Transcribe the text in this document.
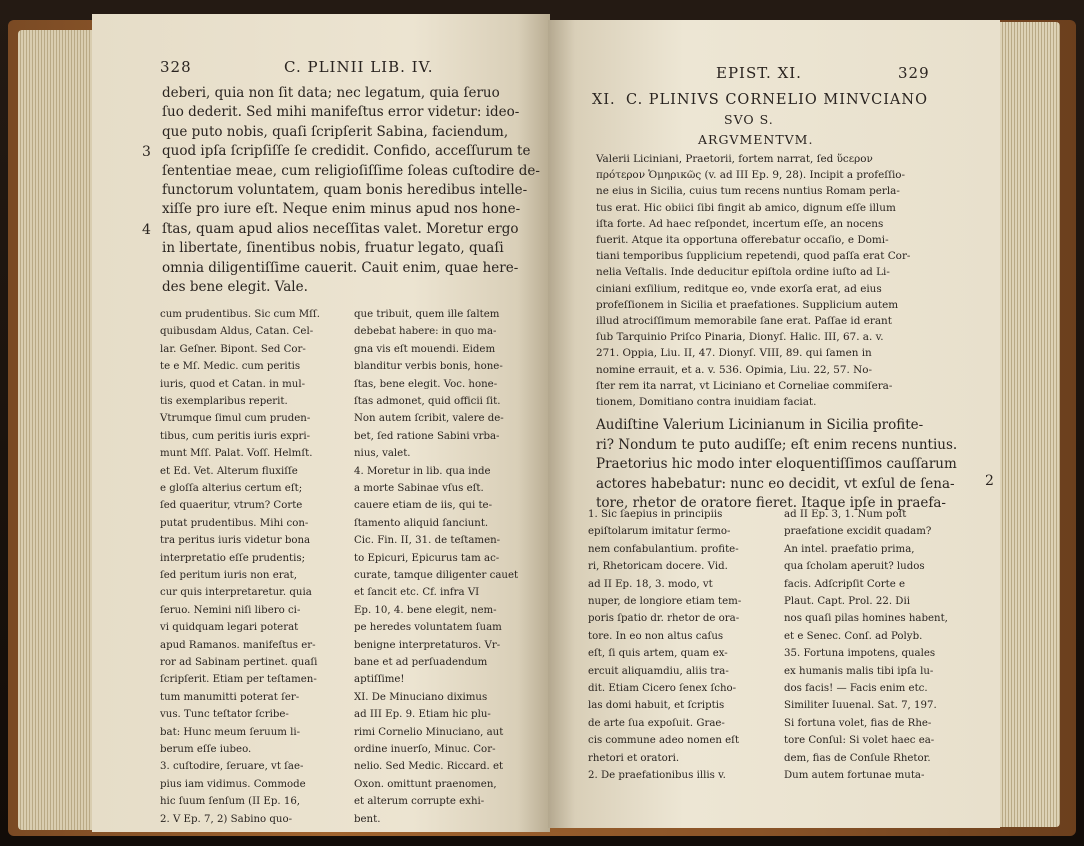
328	C. PLINII LIB. IV.
3
4
deberi, quia non ſit data; nec legatum, quia ſeruo
ſuo dederit. Sed mihi manifeſtus error videtur: ideo-
que puto nobis, quaſi ſcripſerit Sabina, faciendum,
quod ipſa ſcripſiſſe ſe credidit. Confido, acceſſurum te
ſententiae meae, cum religioſiſſime ſoleas cuſtodire de-
functorum voluntatem, quam bonis heredibus intelle-
xiſſe pro iure eſt. Neque enim minus apud nos hone-
ſtas, quam apud alios neceſſitas valet. Moretur ergo
in libertate, ſinentibus nobis, fruatur legato, quaſi
omnia diligentiſſime cauerit. Cauit enim, quae here-
des bene elegit. Vale.
cum prudentibus. Sic cum Mſſ.
quibusdam Aldus, Catan. Cel-
lar. Geſner. Bipont. Sed Cor-
te e Mſ. Medic. cum peritis
iuris, quod et Catan. in mul-
tis exemplaribus reperit.
Vtrumque ſimul cum pruden-
tibus, cum peritis iuris expri-
munt Mſſ. Palat. Voſſ. Helmſt.
et Ed. Vet. Alterum fluxiſſe
e gloſſa alterius certum eſt;
ſed quaeritur, vtrum? Corte
putat prudentibus. Mihi con-
tra peritus iuris videtur bona
interpretatio eſſe prudentis;
ſed peritum iuris non erat,
cur quis interpretaretur. quia
ſeruo. Nemini niſi libero ci-
vi quidquam legari poterat
apud Ramanos. manifeſtus er-
ror ad Sabinam pertinet. quaſi
ſcripſerit. Etiam per teſtamen-
tum manumitti poterat ſer-
vus. Tunc teſtator ſcribe-
bat: Hunc meum ſeruum li-
berum eſſe iubeo.
3. cuſtodire, ſeruare, vt ſae-
pius iam vidimus. Commode
hic ſuum ſenſum (II Ep. 16,
2. V Ep. 7, 2) Sabino quo-
que tribuit, quem ille ſaltem
debebat habere: in quo ma-
gna vis eſt mouendi. Eidem
blanditur verbis bonis, hone-
ſtas, bene elegit. Voc. hone-
ſtas admonet, quid officii ſit.
Non autem ſcribit, valere de-
bet, ſed ratione Sabini vrba-
nius, valet.
4. Moretur in lib. qua inde
a morte Sabinae vſus eſt.
cauere etiam de iis, qui te-
ſtamento aliquid ſanciunt.
Cic. Fin. II, 31. de teſtamen-
to Epicuri, Epicurus tam ac-
curate, tamque diligenter cauet
et ſancit etc. Cf. infra VI
Ep. 10, 4. bene elegit, nem-
pe heredes voluntatem ſuam
benigne interpretaturos. Vr-
bane et ad perſuadendum
aptiſſime!
XI. De Minuciano diximus
ad III Ep. 9. Etiam hic plu-
rimi Cornelio Minuciano, aut
ordine inuerſo, Minuc. Cor-
nelio. Sed Medic. Riccard. et
Oxon. omittunt praenomen,
et alterum corrupte exhi-
bent.
EPIST. XI.	329
XI. C. PLINIVS CORNELIO MINVCIANO
SVO S.
ARGVMENTVM.
Valerii Liciniani, Praetorii, fortem narrat, ſed ὕϲερον
πρότερον Ὁμηρικῶς (v. ad III Ep. 9, 28). Incipit a profeſſio-
ne eius in Sicilia, cuius tum recens nuntius Romam perla-
tus erat. Hic obiici ſibi fingit ab amico, dignum eſſe illum
iſta forte. Ad haec reſpondet, incertum eſſe, an nocens
fuerit. Atque ita opportuna offerebatur occaſio, e Domi-
tiani temporibus ſupplicium repetendi, quod paſſa erat Cor-
nelia Veſtalis. Inde deducitur epiſtola ordine iuſto ad Li-
ciniani exſilium, reditque eo, vnde exorſa erat, ad eius
profeſſionem in Sicilia et praefationes. Supplicium autem
illud atrociſſimum memorabile ſane erat. Paſſae id erant
ſub Tarquinio Priſco Pinaria, Dionyſ. Halic. III, 67. a. v.
271. Oppia, Liu. II, 47. Dionyſ. VIII, 89. qui ſamen in
nomine errauit, et a. v. 536. Opimia, Liu. 22, 57. No-
ſter rem ita narrat, vt Liciniano et Corneliae commiſera-
tionem, Domitiano contra inuidiam faciat.
Audiſtine Valerium Licinianum in Sicilia profite-
ri? Nondum te puto audiſſe; eſt enim recens nuntius.
Praetorius hic modo inter eloquentiſſimos cauſſarum
actores habebatur: nunc eo decidit, vt exſul de ſena-
tore, rhetor de oratore fieret. Itaque ipſe in praefa-
2
1. Sic ſaepius in principiis
epiſtolarum imitatur ſermo-
nem confabulantium. profite-
ri, Rhetoricam docere. Vid.
ad II Ep. 18, 3. modo, vt
nuper, de longiore etiam tem-
poris ſpatio dr. rhetor de ora-
tore. In eo non altus caſus
eſt, ſi quis artem, quam ex-
ercuit aliquamdiu, aliis tra-
dit. Etiam Cicero ſenex ſcho-
las domi habuit, et ſcriptis
de arte ſua expoſuit. Grae-
cis commune adeo nomen eſt
rhetori et oratori.
2. De praefationibus illis v.
ad II Ep. 3, 1. Num poſt
praefatione excidit quadam?
An intel. praefatio prima,
qua ſcholam aperuit? ludos
facis. Adſcripſit Corte e
Plaut. Capt. Prol. 22. Dii
nos quaſi pilas homines habent,
et e Senec. Conſ. ad Polyb.
35. Fortuna impotens, quales
ex humanis malis tibi ipſa lu-
dos facis! — Facis enim etc.
Similiter Iuuenal. Sat. 7, 197.
Si fortuna volet, fias de Rhe-
tore Conſul: Si volet haec ea-
dem, fias de Conſule Rhetor.
Dum autem fortunae muta-
